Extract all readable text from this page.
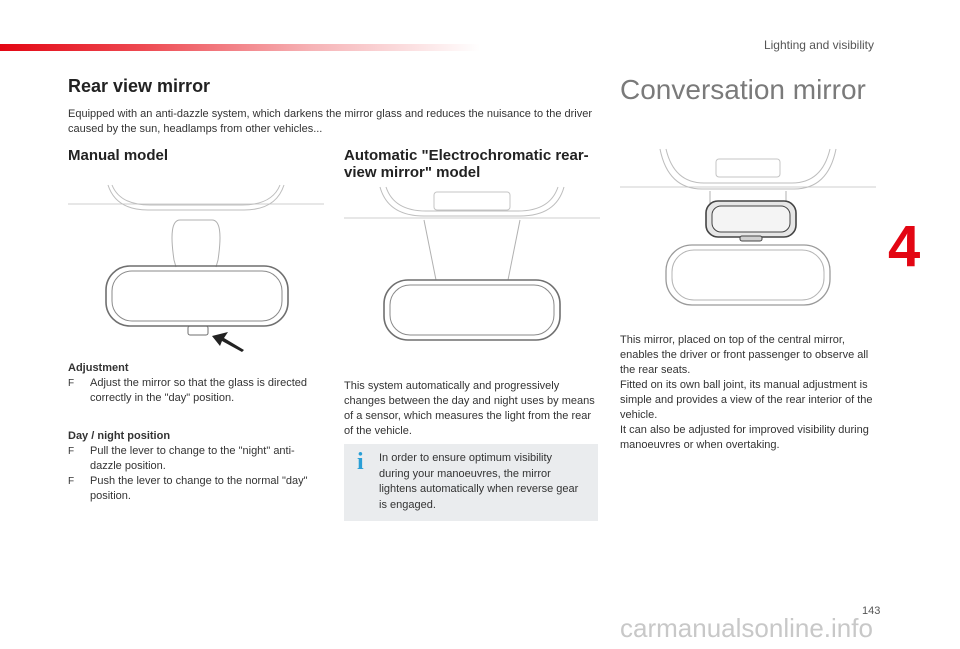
Lighting and visibility
4
Rear view mirror

Equipped with an anti-dazzle system, which darkens the mirror glass and reduces the nuisance to the driver caused by the sun, headlamps from other vehicles...

Manual model	Automatic "Electrochromatic rear-view mirror" model
Conversation mirror

Adjustment

F	Adjust the mirror so that the glass is directed correctly in the "day" position.

Day / night position

F	Pull the lever to change to the "night" anti-dazzle position.
F	Push the lever to change to the normal "day" position.

This system automatically and progressively changes between the day and night uses by means of a sensor, which measures the light from the rear of the vehicle.

i In order to ensure optimum visibility during your manoeuvres, the mirror lightens automatically when reverse gear is engaged.

This mirror, placed on top of the central mirror, enables the driver or front passenger to observe all the rear seats.

Fitted on its own ball joint, its manual adjustment is simple and provides a view of the rear interior of the vehicle.

It can also be adjusted for improved visibility during manoeuvres or when overtaking.

143
carmanualsonline.info
